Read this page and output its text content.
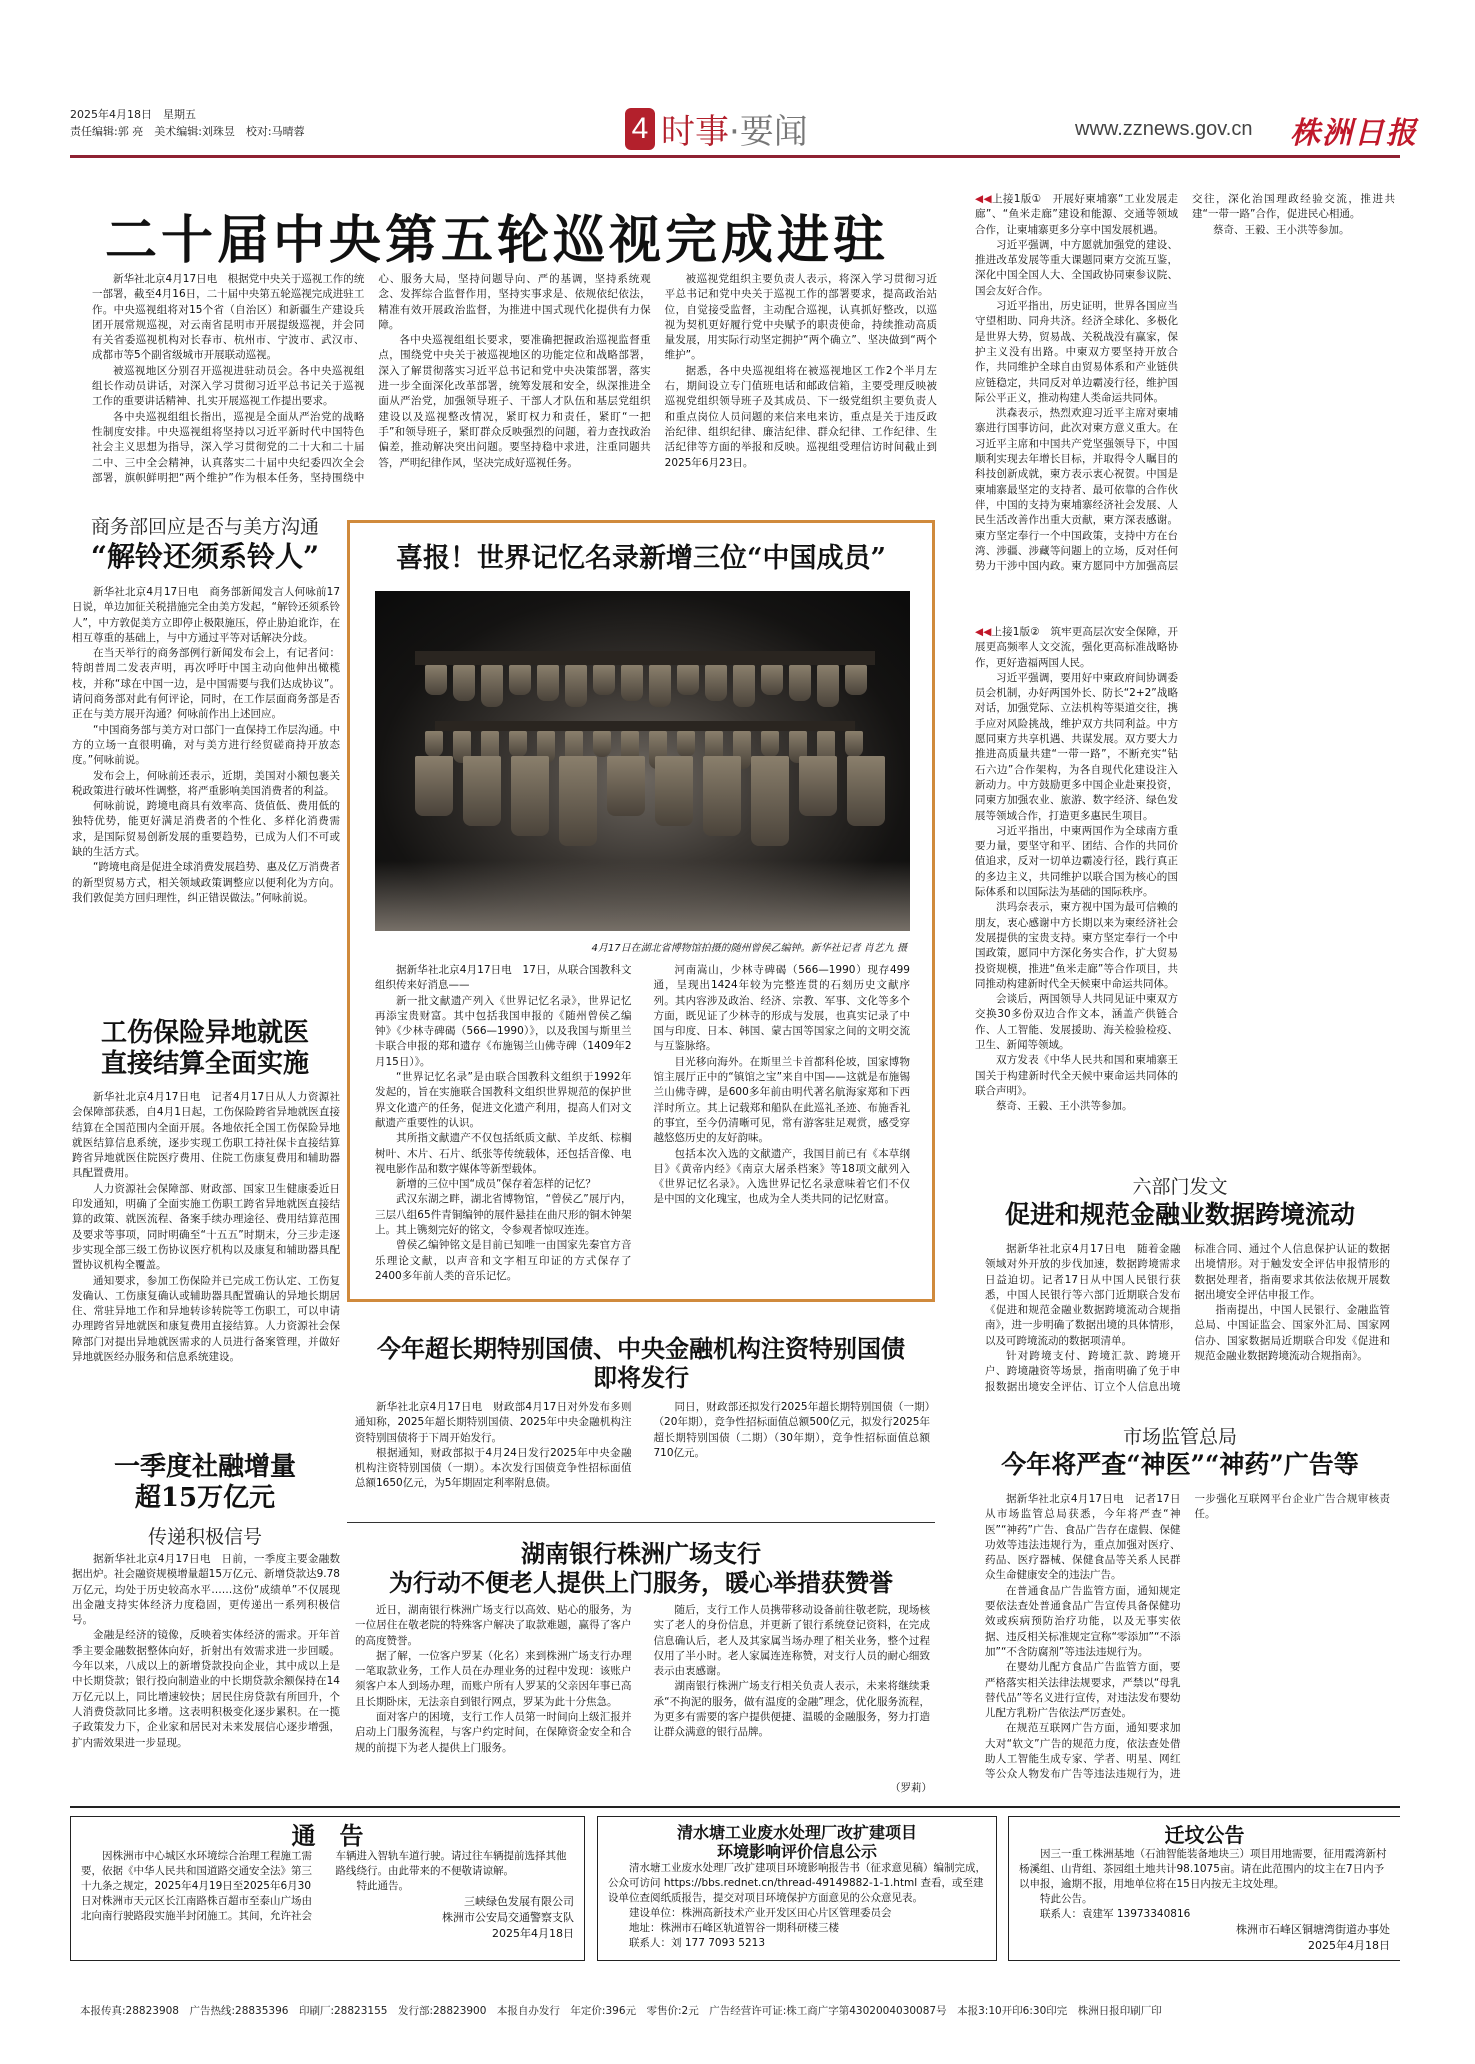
2025年4月18日　星期五
责任编辑:郭 亮　美术编辑:刘珠昱　校对:马晴蓉	4 时事·要闻	www.zznews.gov.cn 株洲日报
二十届中央第五轮巡视完成进驻

新华社北京4月17日电　根据党中央关于巡视工作的统一部署，截至4月16日，二十届中央第五轮巡视完成进驻工作。中央巡视组将对15个省（自治区）和新疆生产建设兵团开展常规巡视，对云南省昆明市开展提级巡视，并会同有关省委巡视机构对长春市、杭州市、宁波市、武汉市、成都市等5个副省级城市开展联动巡视。

被巡视地区分别召开巡视进驻动员会。各中央巡视组组长作动员讲话，对深入学习贯彻习近平总书记关于巡视工作的重要讲话精神、扎实开展巡视工作提出要求。

各中央巡视组组长指出，巡视是全面从严治党的战略性制度安排。中央巡视组将坚持以习近平新时代中国特色社会主义思想为指导，深入学习贯彻党的二十大和二十届二中、三中全会精神，认真落实二十届中央纪委四次全会部署，旗帜鲜明把“两个维护”作为根本任务，坚持围绕中心、服务大局，坚持问题导向、严的基调，坚持系统观念、发挥综合监督作用，坚持实事求是、依规依纪依法，精准有效开展政治监督，为推进中国式现代化提供有力保障。

各中央巡视组组长要求，要准确把握政治巡视监督重点，围绕党中央关于被巡视地区的功能定位和战略部署，深入了解贯彻落实习近平总书记和党中央决策部署，落实进一步全面深化改革部署，统筹发展和安全，纵深推进全面从严治党，加强领导班子、干部人才队伍和基层党组织建设以及巡视整改情况，紧盯权力和责任，紧盯“一把手”和领导班子，紧盯群众反映强烈的问题，着力查找政治偏差，推动解决突出问题。要坚持稳中求进，注重同题共答，严明纪律作风，坚决完成好巡视任务。

被巡视党组织主要负责人表示，将深入学习贯彻习近平总书记和党中央关于巡视工作的部署要求，提高政治站位，自觉接受监督，主动配合巡视，认真抓好整改，以巡视为契机更好履行党中央赋予的职责使命，持续推动高质量发展，用实际行动坚定拥护“两个确立”、坚决做到“两个维护”。

据悉，各中央巡视组将在被巡视地区工作2个半月左右，期间设立专门值班电话和邮政信箱，主要受理反映被巡视党组织领导班子及其成员、下一级党组织主要负责人和重点岗位人员问题的来信来电来访，重点是关于违反政治纪律、组织纪律、廉洁纪律、群众纪律、工作纪律、生活纪律等方面的举报和反映。巡视组受理信访时间截止到2025年6月23日。

◀◀上接1版①　 开展好柬埔寨“工业发展走廊”、“鱼米走廊”建设和能源、交通等领域合作，让柬埔寨更多分享中国发展机遇。

习近平强调，中方愿就加强党的建设、推进改革发展等重大课题同柬方交流互鉴，深化中国全国人大、全国政协同柬参议院、国会友好合作。

习近平指出，历史证明，世界各国应当守望相助、同舟共济。经济全球化、多极化是世界大势，贸易战、关税战没有赢家，保护主义没有出路。中柬双方要坚持开放合作，共同维护全球自由贸易体系和产业链供应链稳定，共同反对单边霸凌行径，维护国际公平正义，推动构建人类命运共同体。

洪森表示，热烈欢迎习近平主席对柬埔寨进行国事访问，此次对柬方意义重大。在习近平主席和中国共产党坚强领导下，中国顺利实现去年增长目标，并取得令人瞩目的科技创新成就，柬方表示衷心祝贺。中国是柬埔寨最坚定的支持者、最可依靠的合作伙伴，中国的支持为柬埔寨经济社会发展、人民生活改善作出重大贡献，柬方深表感谢。柬方坚定奉行一个中国政策，支持中方在台湾、涉疆、涉藏等问题上的立场，反对任何势力干涉中国内政。柬方愿同中方加强高层交往，深化治国理政经验交流，推进共建“一带一路”合作，促进民心相通。

蔡奇、王毅、王小洪等参加。

◀◀上接1版②　 筑牢更高层次安全保障，开展更高频率人文交流，强化更高标准战略协作，更好造福两国人民。

习近平强调，要用好中柬政府间协调委员会机制，办好两国外长、防长“2+2”战略对话，加强党际、立法机构等渠道交往，携手应对风险挑战，维护双方共同利益。中方愿同柬方共享机遇、共谋发展。双方要大力推进高质量共建“一带一路”，不断充实“钻石六边”合作架构，为各自现代化建设注入新动力。中方鼓励更多中国企业赴柬投资，同柬方加强农业、旅游、数字经济、绿色发展等领域合作，打造更多惠民生项目。

习近平指出，中柬两国作为全球南方重要力量，要坚守和平、团结、合作的共同价值追求，反对一切单边霸凌行径，践行真正的多边主义，共同维护以联合国为核心的国际体系和以国际法为基础的国际秩序。

洪玛奈表示，柬方视中国为最可信赖的朋友，衷心感谢中方长期以来为柬经济社会发展提供的宝贵支持。柬方坚定奉行一个中国政策，愿同中方深化务实合作，扩大贸易投资规模，推进“鱼米走廊”等合作项目，共同推动构建新时代全天候柬中命运共同体。

会谈后，两国领导人共同见证中柬双方交换30多份双边合作文本，涵盖产供链合作、人工智能、发展援助、海关检验检疫、卫生、新闻等领域。

双方发表《中华人民共和国和柬埔寨王国关于构建新时代全天候中柬命运共同体的联合声明》。

蔡奇、王毅、王小洪等参加。

商务部回应是否与美方沟通
“解铃还须系铃人”

新华社北京4月17日电　商务部新闻发言人何咏前17日说，单边加征关税措施完全由美方发起，“解铃还须系铃人”，中方敦促美方立即停止极限施压，停止胁迫讹诈，在相互尊重的基础上，与中方通过平等对话解决分歧。

在当天举行的商务部例行新闻发布会上，有记者问：特朗普周二发表声明，再次呼吁中国主动向他伸出橄榄枝，并称“球在中国一边，是中国需要与我们达成协议”。请问商务部对此有何评论，同时，在工作层面商务部是否正在与美方展开沟通？何咏前作出上述回应。

“中国商务部与美方对口部门一直保持工作层沟通。中方的立场一直很明确，对与美方进行经贸磋商持开放态度。”何咏前说。

发布会上，何咏前还表示，近期，美国对小额包裹关税政策进行破坏性调整，将严重影响美国消费者的利益。

何咏前说，跨境电商具有效率高、货值低、费用低的独特优势，能更好满足消费者的个性化、多样化消费需求，是国际贸易创新发展的重要趋势，已成为人们不可或缺的生活方式。

“跨境电商是促进全球消费发展趋势、惠及亿万消费者的新型贸易方式，相关领域政策调整应以便利化为方向。我们敦促美方回归理性，纠正错误做法。”何咏前说。

工伤保险异地就医
直接结算全面实施

新华社北京4月17日电　记者4月17日从人力资源社会保障部获悉，自4月1日起，工伤保险跨省异地就医直接结算在全国范围内全面开展。各地依托全国工伤保险异地就医结算信息系统，逐步实现工伤职工持社保卡直接结算跨省异地就医住院医疗费用、住院工伤康复费用和辅助器具配置费用。

人力资源社会保障部、财政部、国家卫生健康委近日印发通知，明确了全面实施工伤职工跨省异地就医直接结算的政策、就医流程、备案手续办理途径、费用结算范围及要求等事项，同时明确至“十五五”时期末，分三步走逐步实现全部三级工伤协议医疗机构以及康复和辅助器具配置协议机构全覆盖。

通知要求，参加工伤保险并已完成工伤认定、工伤复发确认、工伤康复确认或辅助器具配置确认的异地长期居住、常驻异地工作和异地转诊转院等工伤职工，可以申请办理跨省异地就医和康复费用直接结算。人力资源社会保障部门对提出异地就医需求的人员进行备案管理，并做好异地就医经办服务和信息系统建设。

一季度社融增量
超15万亿元
传递积极信号

据新华社北京4月17日电　日前，一季度主要金融数据出炉。社会融资规模增量超15万亿元、新增贷款达9.78万亿元，均处于历史较高水平……这份“成绩单”不仅展现出金融支持实体经济力度稳固，更传递出一系列积极信号。

金融是经济的镜像，反映着实体经济的需求。开年首季主要金融数据整体向好，折射出有效需求进一步回暖。今年以来，八成以上的新增贷款投向企业，其中成以上是中长期贷款；银行投向制造业的中长期贷款余额保持在14万亿元以上，同比增速较快；居民住房贷款有所回升，个人消费贷款同比多增。这表明积极变化逐步累积。在一揽子政策发力下，企业家和居民对未来发展信心逐步增强，扩内需效果进一步显现。

喜报！世界记忆名录新增三位“中国成员”
4月17日在湖北省博物馆拍摄的随州曾侯乙编钟。新华社记者 肖艺九 摄

据新华社北京4月17日电　17日，从联合国教科文组织传来好消息——

新一批文献遗产列入《世界记忆名录》，世界记忆再添宝贵财富。其中包括我国申报的《随州曾侯乙编钟》《少林寺碑碣（566—1990）》，以及我国与斯里兰卡联合申报的郑和遗存《布施锡兰山佛寺碑（1409年2月15日）》。

“世界记忆名录”是由联合国教科文组织于1992年发起的，旨在实施联合国教科文组织世界规范的保护世界文化遗产的任务，促进文化遗产利用，提高人们对文献遗产重要性的认识。

其所指文献遗产不仅包括纸质文献、羊皮纸、棕榈树叶、木片、石片、纸张等传统载体，还包括音像、电视电影作品和数字媒体等新型载体。

新增的三位中国“成员”保存着怎样的记忆？

武汉东湖之畔，湖北省博物馆，“曾侯乙”展厅内，三层八组65件青铜编钟的展件悬挂在曲尺形的铜木钟架上。其上镌刻完好的铭文，令参观者惊叹连连。

曾侯乙编钟铭文是目前已知唯一由国家先秦官方音乐理论文献，以声音和文字相互印证的方式保存了2400多年前人类的音乐记忆。

河南嵩山，少林寺碑碣（566—1990）现存499通，呈现出1424年较为完整连贯的石刻历史文献序列。其内容涉及政治、经济、宗教、军事、文化等多个方面，既见证了少林寺的形成与发展，也真实记录了中国与印度、日本、韩国、蒙古国等国家之间的文明交流与互鉴脉络。

目光移向海外。在斯里兰卡首都科伦坡，国家博物馆主展厅正中的“镇馆之宝”来自中国——这就是布施锡兰山佛寺碑，是600多年前由明代著名航海家郑和下西洋时所立。其上记载郑和船队在此巡礼圣迹、布施香礼的事宜，至今仍清晰可见，常有游客驻足观赏，感受穿越悠悠历史的友好韵味。

包括本次入选的文献遗产，我国目前已有《本草纲目》《黄帝内经》《南京大屠杀档案》等18项文献列入《世界记忆名录》。入选世界记忆名录意味着它们不仅是中国的文化瑰宝，也成为全人类共同的记忆财富。

今年超长期特别国债、中央金融机构注资特别国债
即将发行

新华社北京4月17日电　财政部4月17日对外发布多则通知称，2025年超长期特别国债、2025年中央金融机构注资特别国债将于下周开始发行。

根据通知，财政部拟于4月24日发行2025年中央金融机构注资特别国债（一期）。本次发行国债竞争性招标面值总额1650亿元，为5年期固定利率附息债。

同日，财政部还拟发行2025年超长期特别国债（一期）（20年期），竞争性招标面值总额500亿元，拟发行2025年超长期特别国债（二期）（30年期），竞争性招标面值总额710亿元。

湖南银行株洲广场支行
为行动不便老人提供上门服务，暖心举措获赞誉

近日，湖南银行株洲广场支行以高效、贴心的服务，为一位居住在敬老院的特殊客户解决了取款难题，赢得了客户的高度赞誉。

据了解，一位客户罗某（化名）来到株洲广场支行办理一笔取款业务，工作人员在办理业务的过程中发现：该账户须客户本人到场办理，而账户所有人罗某的父亲因年事已高且长期卧床，无法亲自到银行网点，罗某为此十分焦急。

面对客户的困境，支行工作人员第一时间向上级汇报并启动上门服务流程，与客户约定时间，在保障资金安全和合规的前提下为老人提供上门服务。

随后，支行工作人员携带移动设备前往敬老院，现场核实了老人的身份信息，并更新了银行系统登记资料，在完成信息确认后，老人及其家属当场办理了相关业务，整个过程仅用了半小时。老人家属连连称赞，对支行人员的耐心细致表示由衷感谢。

湖南银行株洲广场支行相关负责人表示，未来将继续秉承“不拘泥的服务，做有温度的金融”理念，优化服务流程，为更多有需要的客户提供便捷、温暖的金融服务，努力打造让群众满意的银行品牌。

（罗莉）
六部门发文
促进和规范金融业数据跨境流动

据新华社北京4月17日电　随着金融领域对外开放的步伐加速，数据跨境需求日益迫切。记者17日从中国人民银行获悉，中国人民银行等六部门近期联合发布《促进和规范金融业数据跨境流动合规指南》，进一步明确了数据出境的具体情形，以及可跨境流动的数据项清单。

针对跨境支付、跨境汇款、跨境开户、跨境融资等场景，指南明确了免于申报数据出境安全评估、订立个人信息出境标准合同、通过个人信息保护认证的数据出境情形。对于触发安全评估申报情形的数据处理者，指南要求其依法依规开展数据出境安全评估申报工作。

指南提出，中国人民银行、金融监管总局、中国证监会、国家外汇局、国家网信办、国家数据局近期联合印发《促进和规范金融业数据跨境流动合规指南》。

市场监管总局
今年将严查“神医”“神药”广告等

据新华社北京4月17日电　记者17日从市场监管总局获悉，今年将严查“神医”“神药”广告、食品广告存在虚假、保健功效等违法违规行为，重点加强对医疗、药品、医疗器械、保健食品等关系人民群众生命健康安全的违法广告。

在普通食品广告监管方面，通知规定要依法查处普通食品广告宣传具备保健功效或疾病预防治疗功能，以及无事实依据、违反相关标准规定宣称“零添加”“不添加”“不含防腐剂”等违法违规行为。

在婴幼儿配方食品广告监管方面，要严格落实相关法律法规要求，严禁以“母乳替代品”等名义进行宣传，对违法发布婴幼儿配方乳粉广告依法严厉查处。

在规范互联网广告方面，通知要求加大对“软文”广告的规范力度，依法查处借助人工智能生成专家、学者、明星、网红等公众人物发布广告等违法违规行为，进一步强化互联网平台企业广告合规审核责任。

通　告

因株洲市中心城区水环境综合治理工程施工需要，依据《中华人民共和国道路交通安全法》第三十九条之规定，2025年4月19日至2025年6月30日对株洲市天元区长江南路株百超市至泰山广场由北向南行驶路段实施半封闭施工。其间，允许社会车辆进入智轨车道行驶。请过往车辆提前选择其他路线绕行。由此带来的不便敬请谅解。

特此通告。

三峡绿色发展有限公司
株洲市公安局交通警察支队
2025年4月18日
清水塘工业废水处理厂改扩建项目
环境影响评价信息公示

清水塘工业废水处理厂改扩建项目环境影响报告书（征求意见稿）编制完成，公众可访问 https://bbs.rednet.cn/thread-49149882-1-1.html 查看，或至建设单位查阅纸质报告，提交对项目环境保护方面意见的公众意见表。

建设单位：株洲高新技术产业开发区田心片区管理委员会

地址：株洲市石峰区轨道智谷一期科研楼三楼

联系人：刘 177 7093 5213

迁坟公告

因三一重工株洲基地（石油智能装备地块三）项目用地需要，征用霞湾新村杨溪组、山背组、茶园组土地共计98.1075亩。请在此范围内的坟主在7日内予以申报，逾期不报，用地单位将在15日内按无主坟处理。

特此公告。

联系人：袁建军 13973340816

株洲市石峰区铜塘湾街道办事处
2025年4月18日
本报传真:28823908　广告热线:28835396　印刷厂:28823155　发行部:28823900　本报自办发行　年定价:396元　零售价:2元　广告经营许可证:株工商广字第4302004030087号　本报3:10开印6:30印完　株洲日报印刷厂印
